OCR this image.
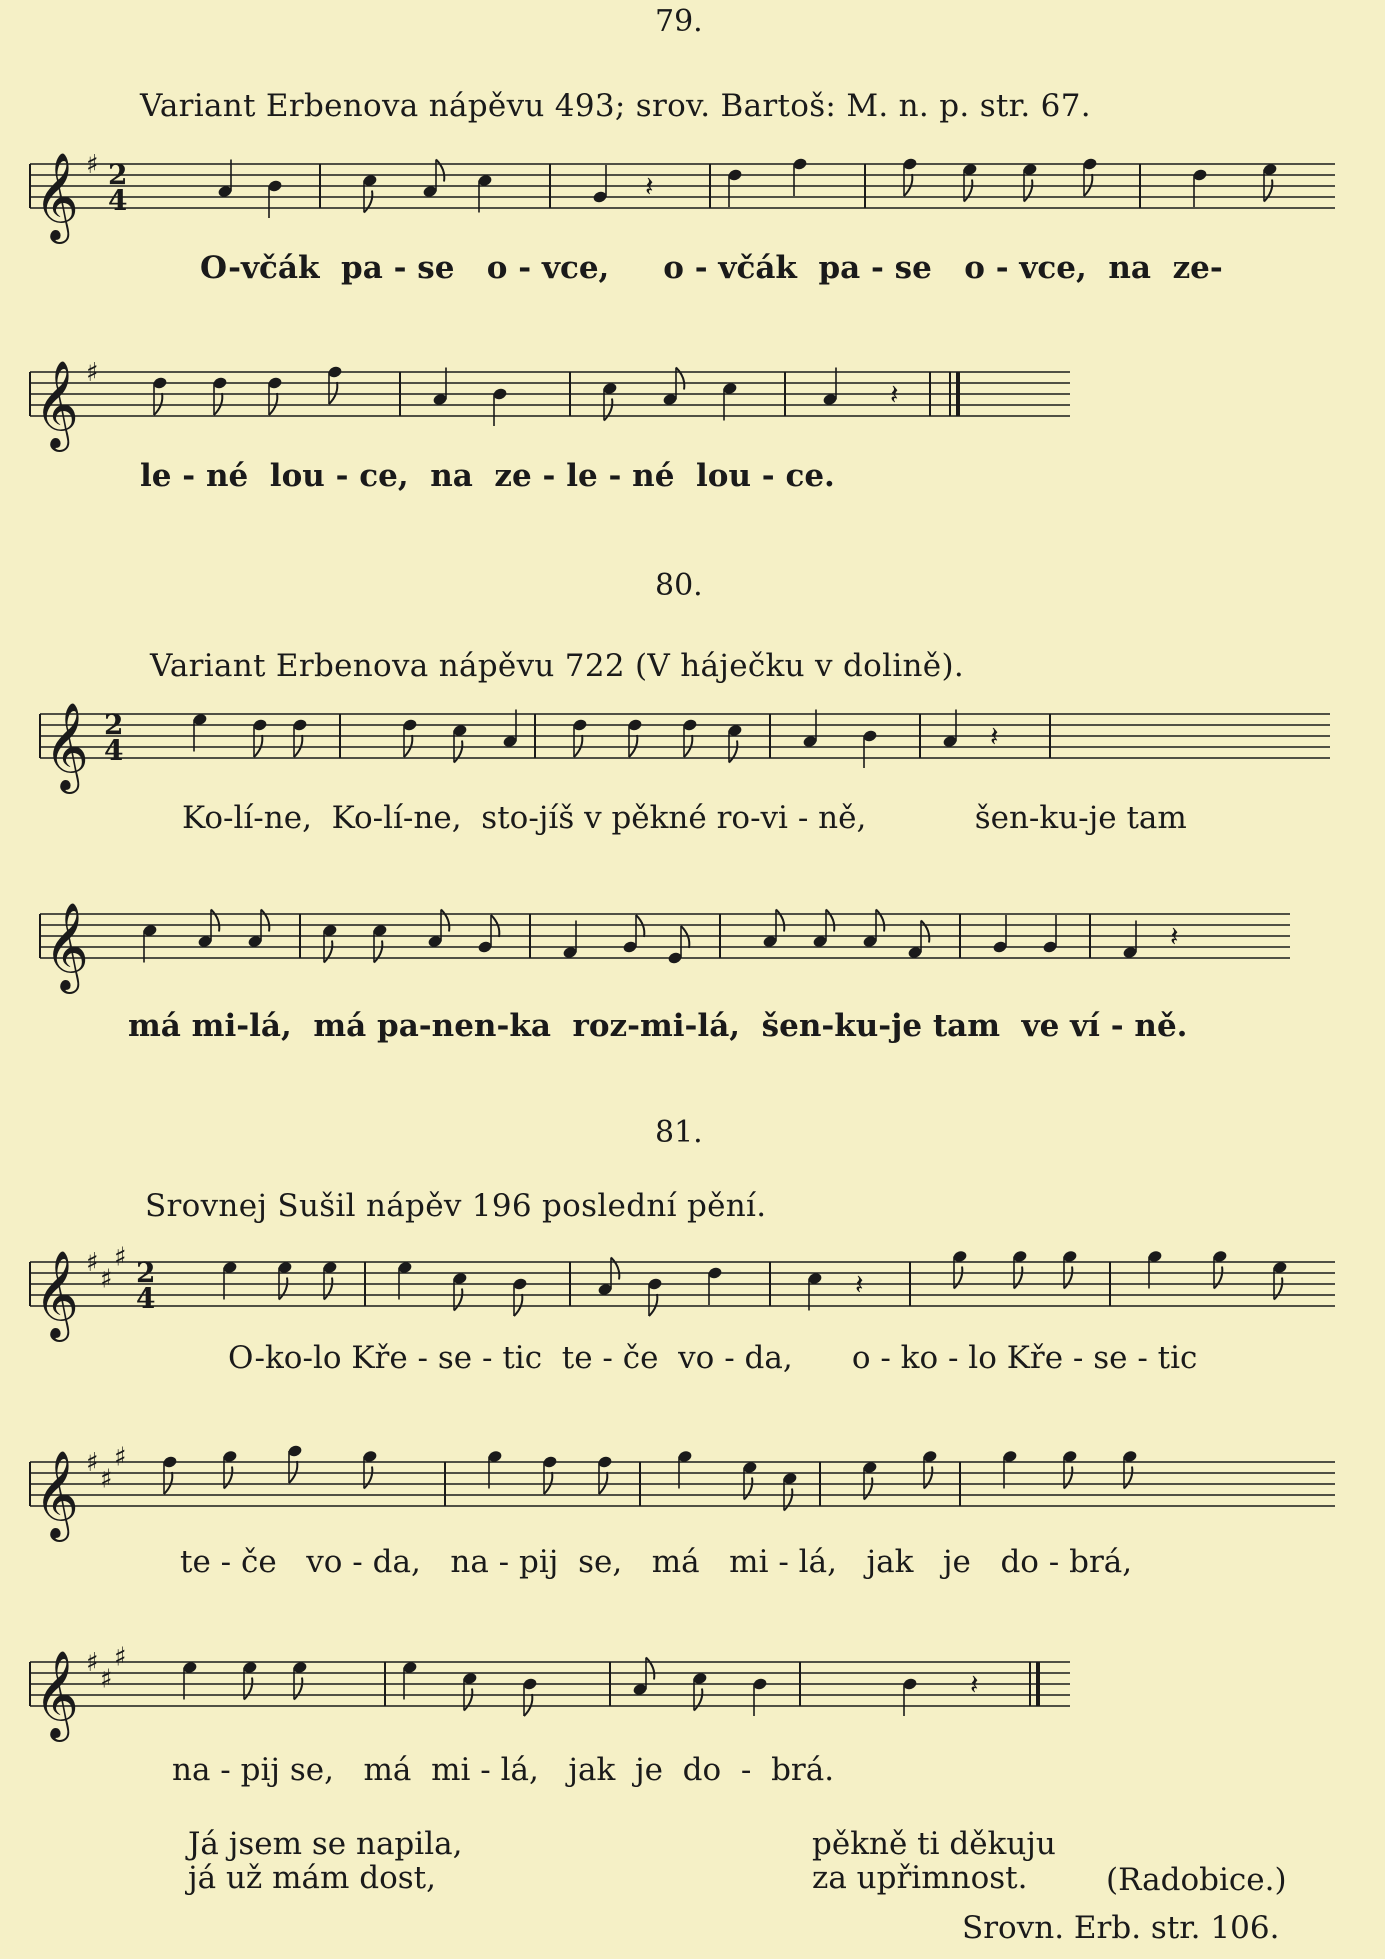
79.
Variant Erbenova nápěvu 493; srov. Bartoš: M. n. p. str. 67.
𝄞 ♯ 2
4	𝄽
O-včák  pa - se   o - vce,     o - včák  pa - se   o - vce,  na  ze-
𝄞 ♯
𝄽
le - né  lou - ce,  na  ze - le - né  lou - ce.
80.
Variant Erbenova nápěvu 722 (V háječku v dolině).
𝄞 2
4	𝄽
Ko-lí-ne,  Ko-lí-ne,  sto-jíš v pěkné ro-vi - ně,           šen-ku-je tam
𝄞	𝄽
má mi-lá,  má pa-nen-ka  roz-mi-lá,  šen-ku-je tam  ve ví - ně.
81.
Srovnej Sušil nápěv 196 poslední pění.
𝄞 ♯
♯
♯ 2
4	𝄽
O-ko-lo Kře - se - tic  te - če  vo - da,      o - ko - lo Kře - se - tic
𝄞 ♯
♯
♯
te - če   vo - da,   na - pij  se,   má   mi - lá,   jak   je   do - brá,
𝄞 ♯
♯
♯
𝄽
na - pij se,   má  mi - lá,   jak  je  do  -  brá.
Já jsem se napila,
já už mám dost,
pěkně ti děkuju
za upřimnost.	(Radobice.)
Srovn. Erb. str. 106.
